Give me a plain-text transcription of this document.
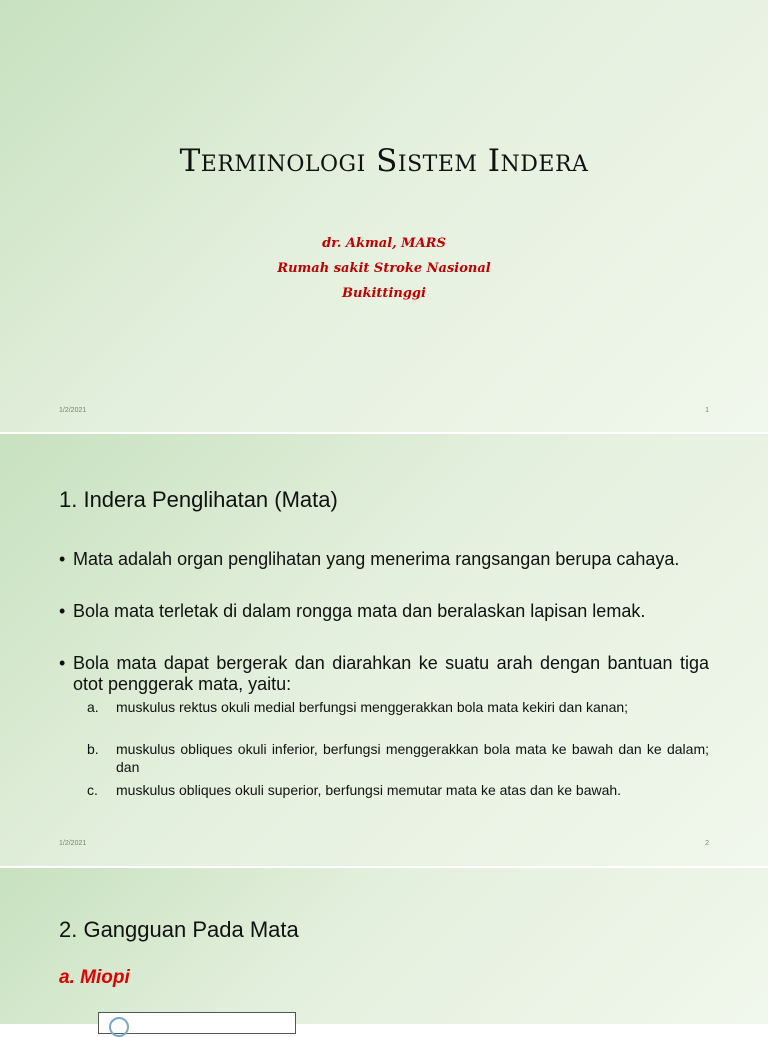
Terminologi Sistem Indera
dr. Akmal, MARS
Rumah sakit Stroke Nasional
Bukittinggi
1/2/2021	1
1/2/2021	2
1. Indera Penglihatan (Mata)
• Mata adalah organ penglihatan yang menerima rangsangan berupa cahaya.
• Bola mata terletak di dalam rongga mata dan beralaskan lapisan lemak.
• Bola mata dapat bergerak dan diarahkan ke suatu arah dengan bantuan tiga otot penggerak mata, yaitu:
a. muskulus rektus okuli medial berfungsi menggerakkan bola mata kekiri dan kanan;
b. muskulus obliques okuli inferior, berfungsi menggerakkan bola mata ke bawah dan ke dalam; dan
c. muskulus obliques okuli superior, berfungsi memutar mata ke atas dan ke bawah.
2. Gangguan Pada Mata
a. Miopi
